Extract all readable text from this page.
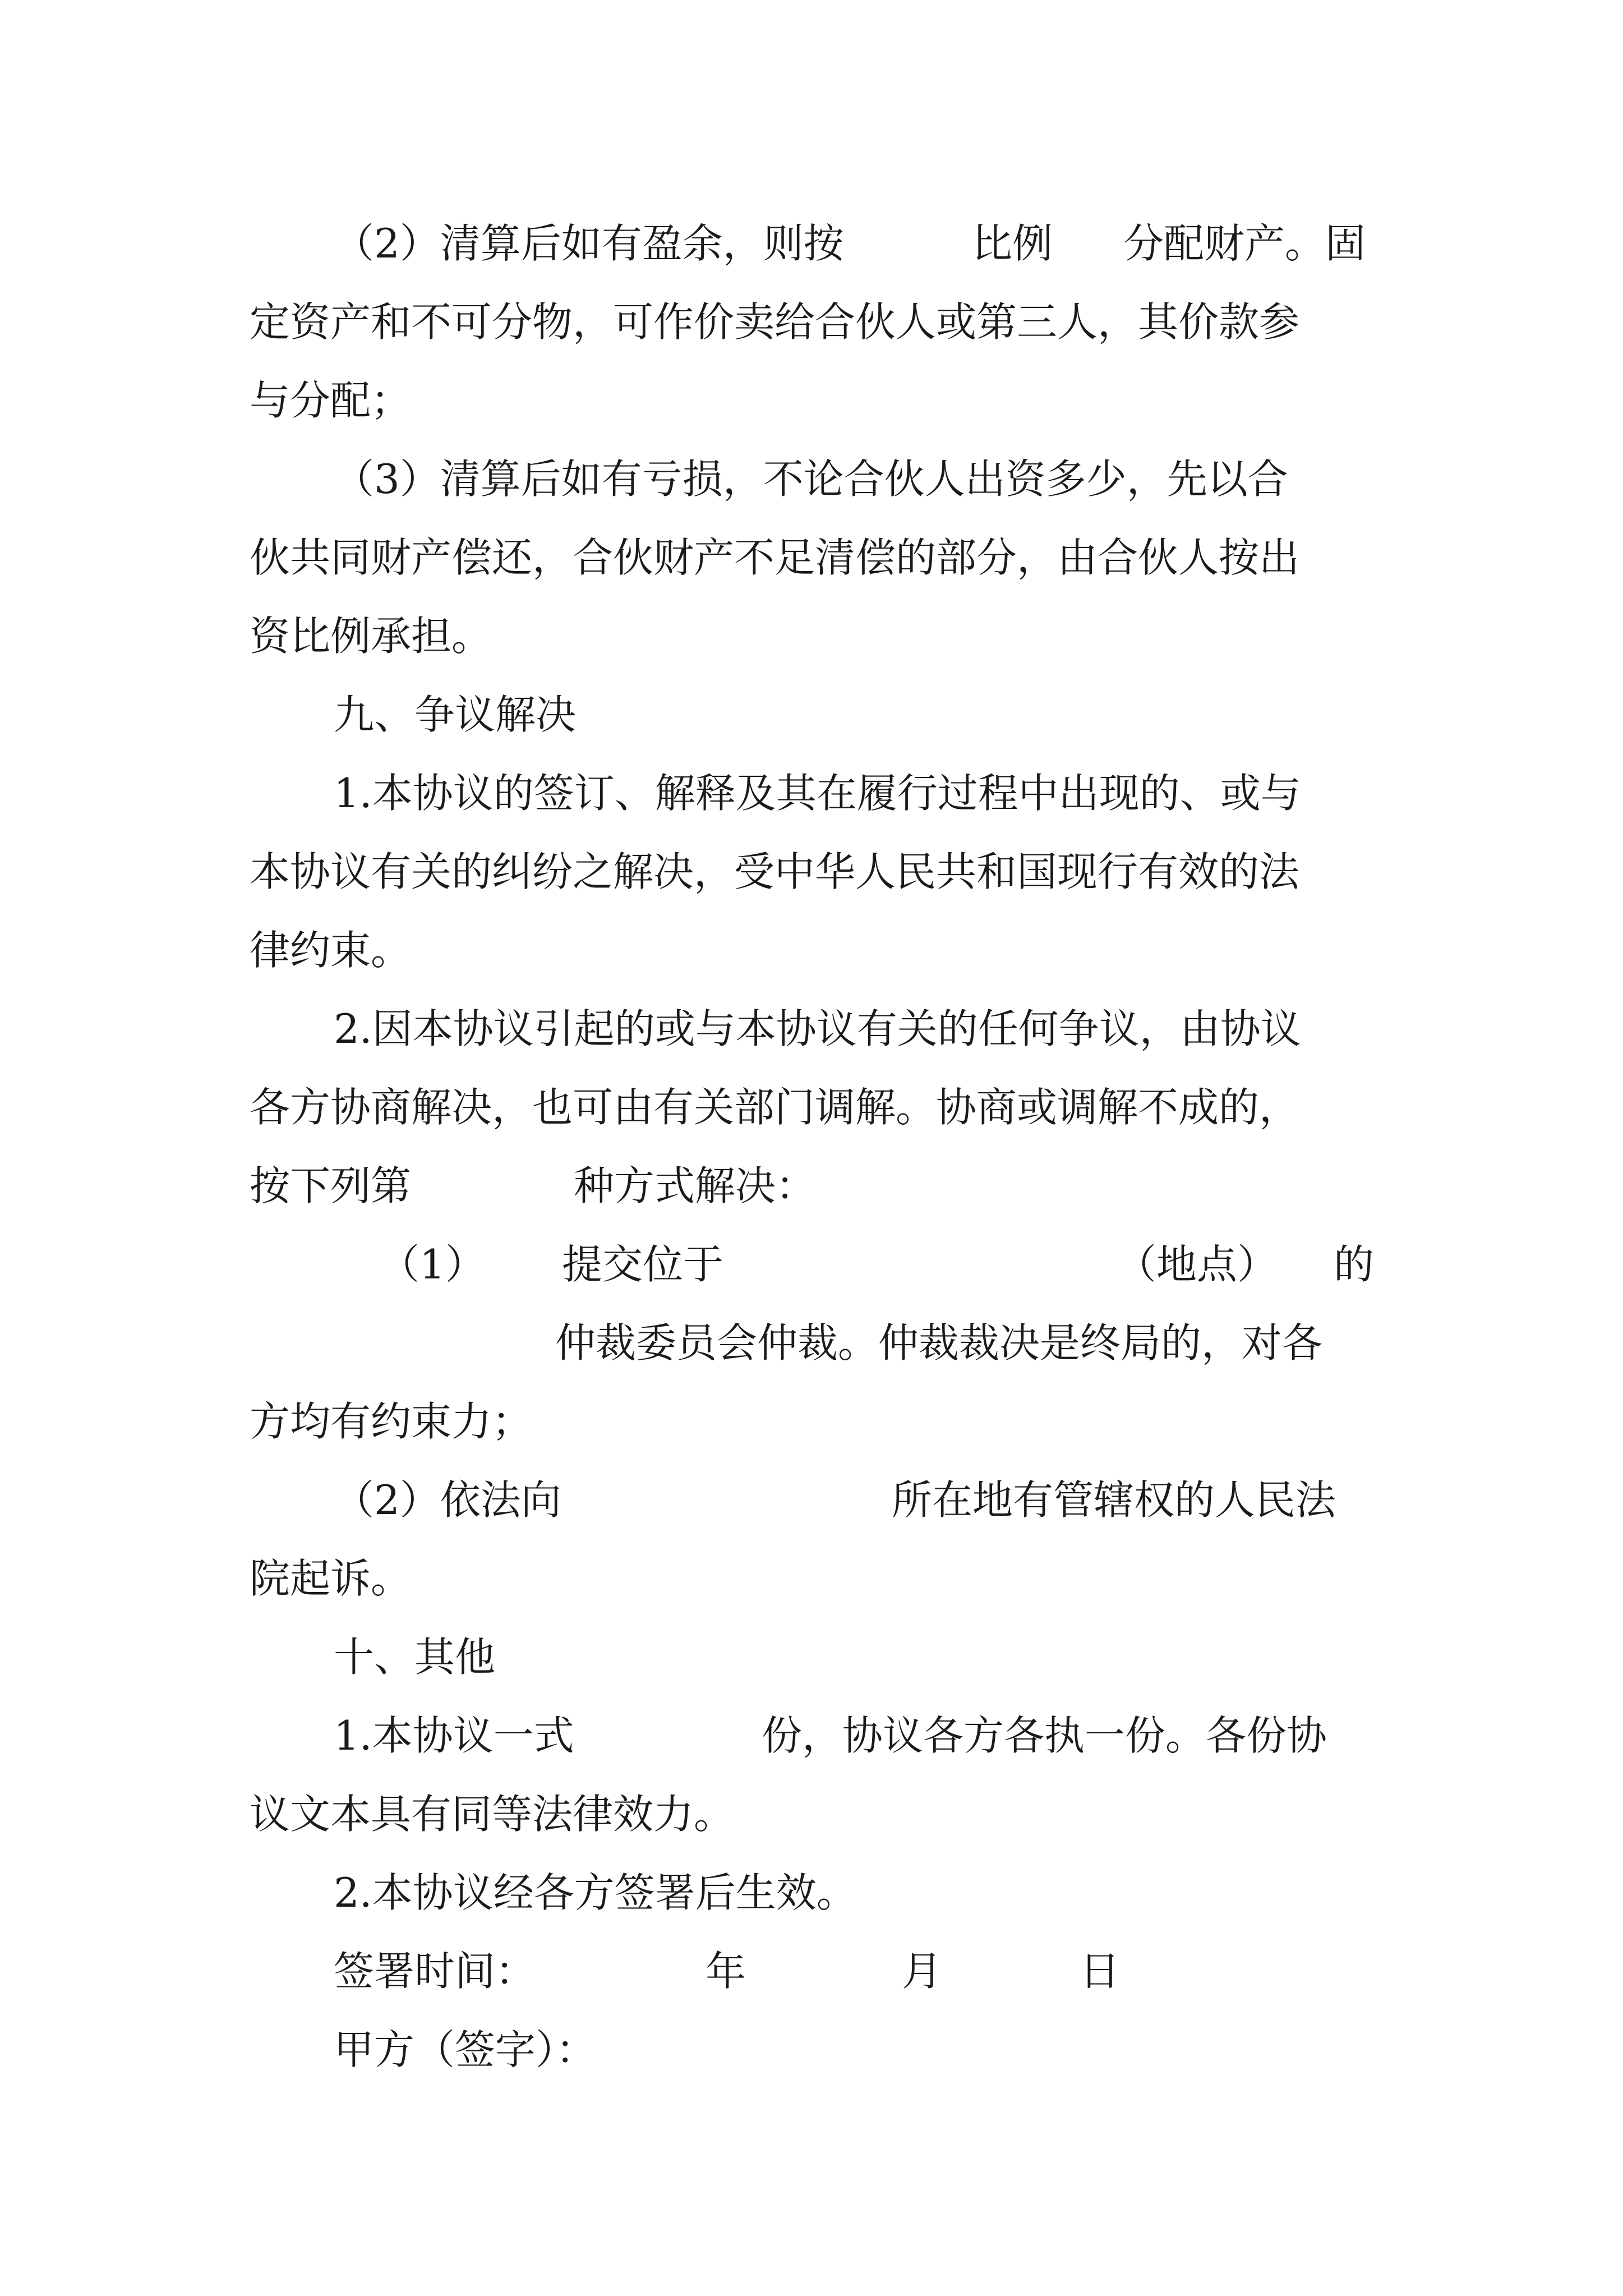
（2）清算后如有盈余，则按	比例 分配财产。固
定资产和不可分物，可作价卖给合伙人或第三人，其价款参
与分配；
（3）清算后如有亏损，不论合伙人出资多少，先以合
伙共同财产偿还，合伙财产不足清偿的部分，由合伙人按出
资比例承担。
九、争议解决
1.本协议的签订、解释及其在履行过程中出现的、或与
本协议有关的纠纷之解决，受中华人民共和国现行有效的法
律约束。
2.因本协议引起的或与本协议有关的任何争议，由协议
各方协商解决，也可由有关部门调解。协商或调解不成的，
按下列第	种方式解决：
（1） 提交位于	（地点） 的
仲裁委员会仲裁。仲裁裁决是终局的，对各
方均有约束力；
（2）依法向	所在地有管辖权的人民法
院起诉。
十、其他
1.本协议一式	份，协议各方各执一份。各份协
议文本具有同等法律效力。
2.本协议经各方签署后生效。
签署时间：	年	月	日
甲方（签字）：
